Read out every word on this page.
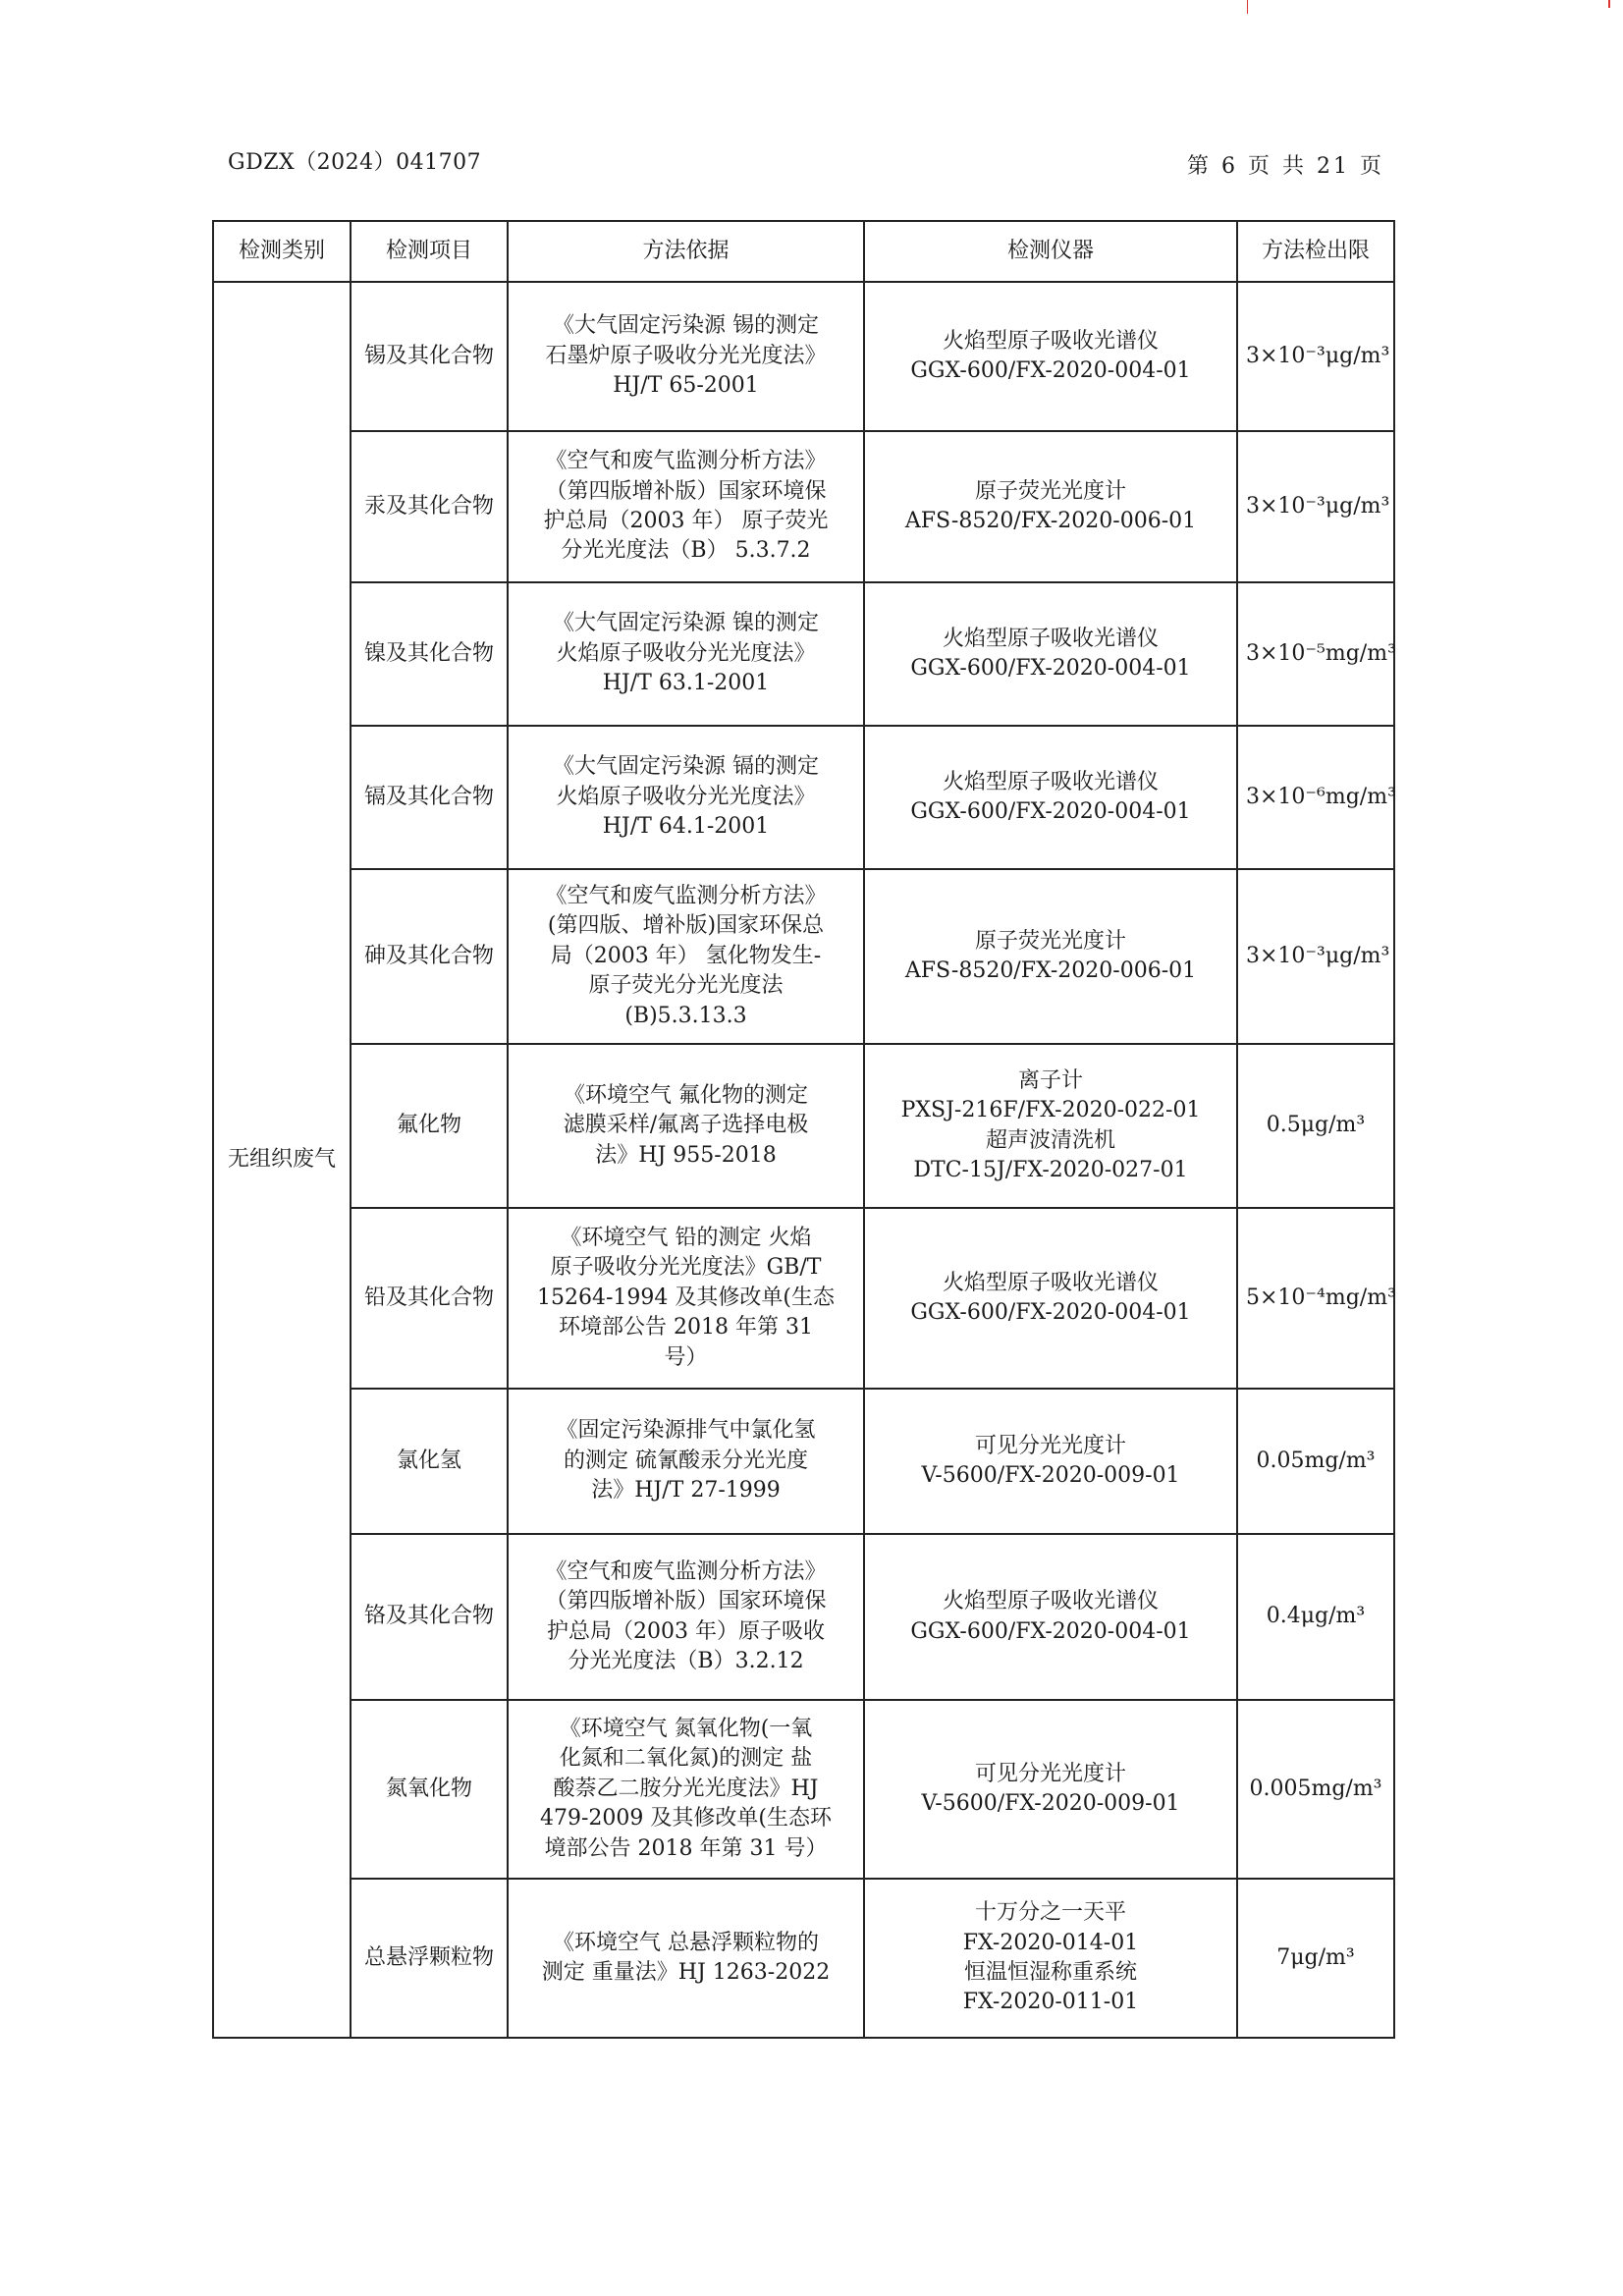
GDZX（2024）041707	第 6 页 共 21 页
检测类别	检测项目	方法依据	检测仪器	方法检出限
无组织废气	锡及其化合物	《大气固定污染源 锡的测定
石墨炉原子吸收分光光度法》
HJ/T 65-2001	火焰型原子吸收光谱仪
GGX-600/FX-2020-004-01	3×10⁻³μg/m³
	汞及其化合物	《空气和废气监测分析方法》
（第四版增补版）国家环境保
护总局（2003 年） 原子荧光
分光光度法（B） 5.3.7.2	原子荧光光度计
AFS-8520/FX-2020-006-01	3×10⁻³μg/m³
	镍及其化合物	《大气固定污染源 镍的测定
火焰原子吸收分光光度法》
HJ/T 63.1-2001	火焰型原子吸收光谱仪
GGX-600/FX-2020-004-01	3×10⁻⁵mg/m³
	镉及其化合物	《大气固定污染源 镉的测定
火焰原子吸收分光光度法》
HJ/T 64.1-2001	火焰型原子吸收光谱仪
GGX-600/FX-2020-004-01	3×10⁻⁶mg/m³
	砷及其化合物	《空气和废气监测分析方法》
(第四版、增补版)国家环保总
局（2003 年） 氢化物发生-
原子荧光分光光度法
(B)5.3.13.3	原子荧光光度计
AFS-8520/FX-2020-006-01	3×10⁻³μg/m³
	氟化物	《环境空气 氟化物的测定
滤膜采样/氟离子选择电极
法》HJ 955-2018	离子计
PXSJ-216F/FX-2020-022-01
超声波清洗机
DTC-15J/FX-2020-027-01	0.5μg/m³
	铅及其化合物	《环境空气 铅的测定 火焰
原子吸收分光光度法》GB/T
15264-1994 及其修改单(生态
环境部公告 2018 年第 31
号）	火焰型原子吸收光谱仪
GGX-600/FX-2020-004-01	5×10⁻⁴mg/m³
	氯化氢	《固定污染源排气中氯化氢
的测定 硫氰酸汞分光光度
法》HJ/T 27-1999	可见分光光度计
V-5600/FX-2020-009-01	0.05mg/m³
	铬及其化合物	《空气和废气监测分析方法》
（第四版增补版）国家环境保
护总局（2003 年）原子吸收
分光光度法（B）3.2.12	火焰型原子吸收光谱仪
GGX-600/FX-2020-004-01	0.4μg/m³
	氮氧化物	《环境空气 氮氧化物(一氧
化氮和二氧化氮)的测定 盐
酸萘乙二胺分光光度法》HJ
479-2009 及其修改单(生态环
境部公告 2018 年第 31 号）	可见分光光度计
V-5600/FX-2020-009-01	0.005mg/m³
	总悬浮颗粒物	《环境空气 总悬浮颗粒物的
测定 重量法》HJ 1263-2022	十万分之一天平
FX-2020-014-01
恒温恒湿称重系统
FX-2020-011-01	7μg/m³
